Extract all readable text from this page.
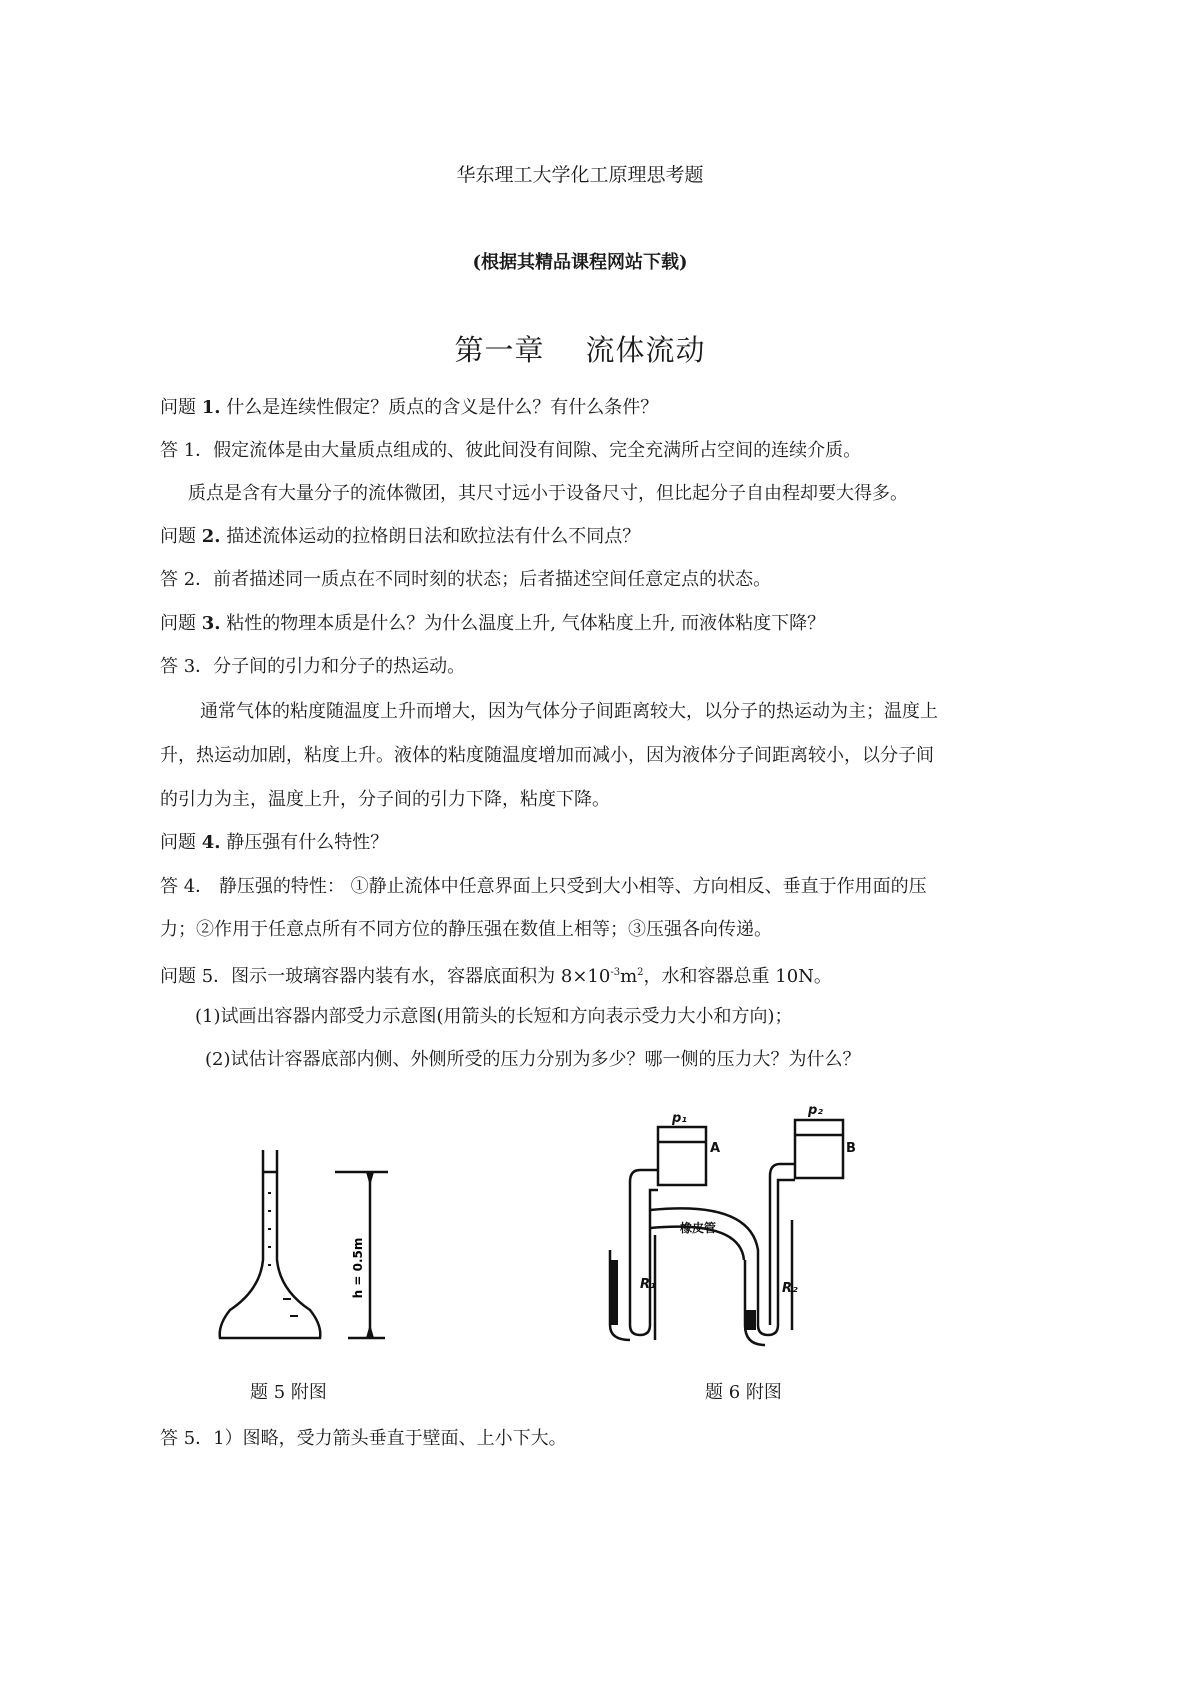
华东理工大学化工原理思考题
(根据其精品课程网站下载)
第一章 流体流动
问题 1. 什么是连续性假定？质点的含义是什么？有什么条件？
答 1．假定流体是由大量质点组成的、彼此间没有间隙、完全充满所占空间的连续介质。
质点是含有大量分子的流体微团，其尺寸远小于设备尺寸，但比起分子自由程却要大得多。
问题 2. 描述流体运动的拉格朗日法和欧拉法有什么不同点？
答 2．前者描述同一质点在不同时刻的状态；后者描述空间任意定点的状态。
问题 3. 粘性的物理本质是什么？为什么温度上升, 气体粘度上升, 而液体粘度下降？
答 3．分子间的引力和分子的热运动。
通常气体的粘度随温度上升而增大，因为气体分子间距离较大，以分子的热运动为主；温度上
升，热运动加剧，粘度上升。液体的粘度随温度增加而减小，因为液体分子间距离较小，以分子间
的引力为主，温度上升，分子间的引力下降，粘度下降。
问题 4. 静压强有什么特性？
答 4． 静压强的特性： ①静止流体中任意界面上只受到大小相等、方向相反、垂直于作用面的压
力；②作用于任意点所有不同方位的静压强在数值上相等；③压强各向传递。
问题 5．图示一玻璃容器内装有水，容器底面积为 $8\times 10^{-3}m^2$，水和容器总重 10N。
(1)试画出容器内部受力示意图(用箭头的长短和方向表示受力大小和方向)；
(2)试估计容器底部内侧、外侧所受的压力分别为多少？哪一侧的压力大？为什么？
h = 0.5m
p₁
p₂
A	B
橡皮管
R₁	R₂
题 5 附图	题 6 附图
答 5．1）图略，受力箭头垂直于壁面、上小下大。
